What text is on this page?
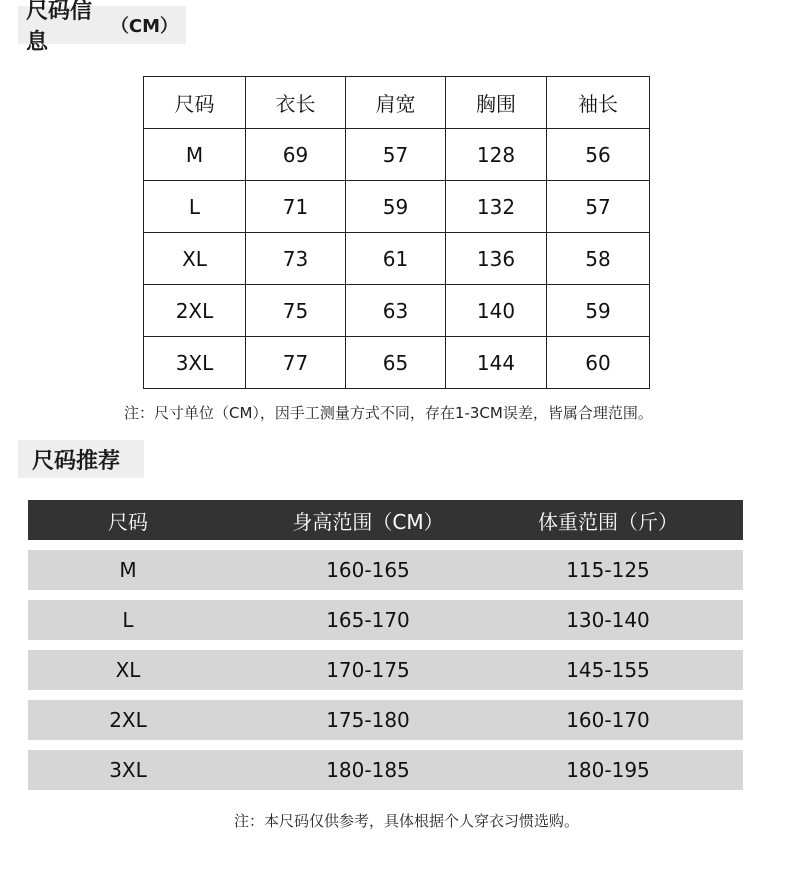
尺码信息
（CM）
尺码	衣长	肩宽	胸围	袖长
M	69	57	128	56
L	71	59	132	57
XL	73	61	136	58
2XL	75	63	140	59
3XL	77	65	144	60
注：尺寸单位（CM），因手工测量方式不同，存在1-3CM误差，皆属合理范围。
尺码推荐
尺码	身高范围（CM）	体重范围（斤）
M	160-165	115-125
L	165-170	130-140
XL	170-175	145-155
2XL	175-180	160-170
3XL	180-185	180-195
注：本尺码仅供参考，具体根据个人穿衣习惯选购。
